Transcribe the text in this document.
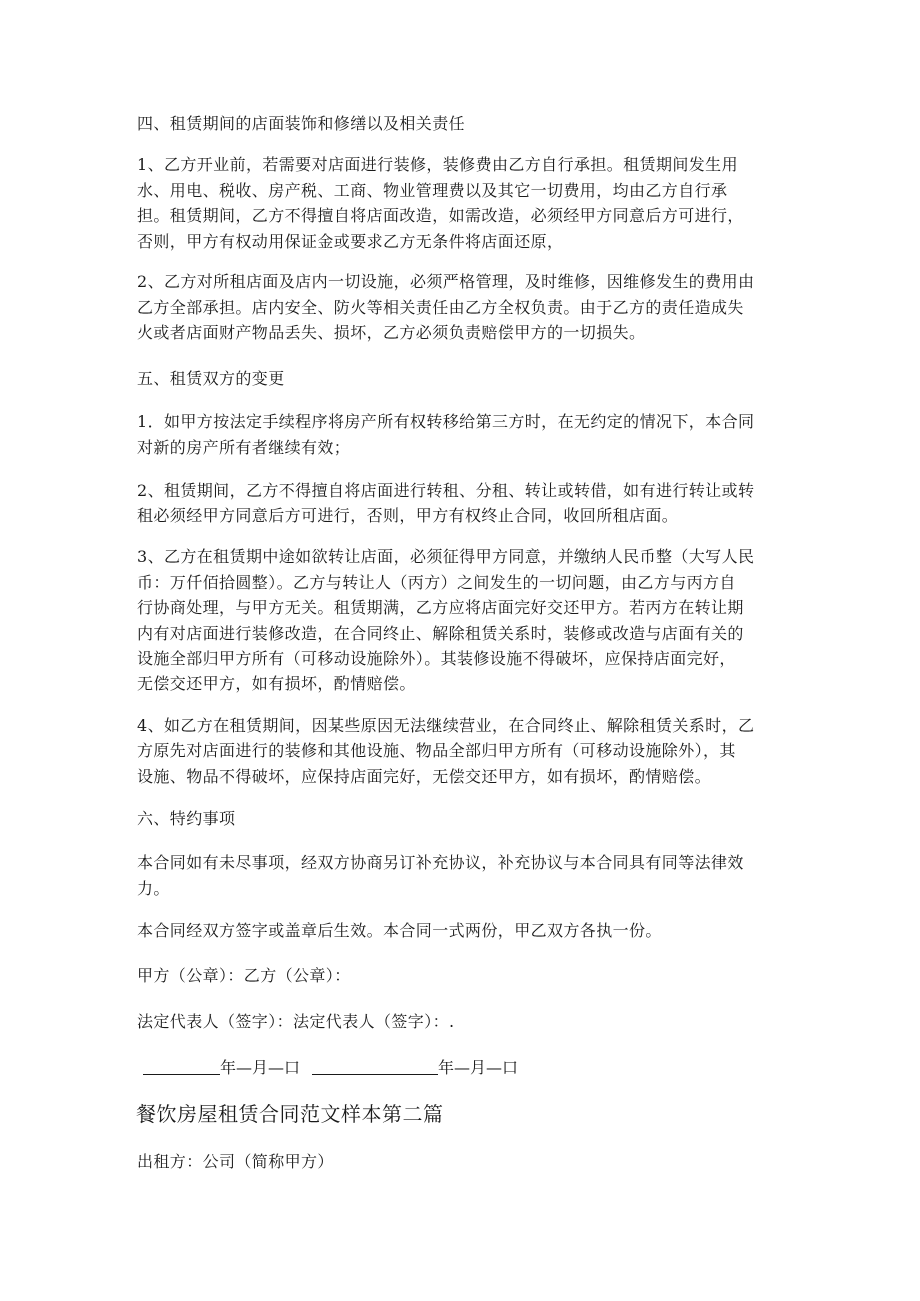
四、租赁期间的店面装饰和修缮以及相关责任
1、乙方开业前，若需要对店面进行装修，装修费由乙方自行承担。租赁期间发生用
水、用电、税收、房产税、工商、物业管理费以及其它一切费用，均由乙方自行承
担。租赁期间，乙方不得擅自将店面改造，如需改造，必须经甲方同意后方可进行，
否则，甲方有权动用保证金或要求乙方无条件将店面还原，
2、乙方对所租店面及店内一切设施，必须严格管理，及时维修，因维修发生的费用由
乙方全部承担。店内安全、防火等相关责任由乙方全权负责。由于乙方的责任造成失
火或者店面财产物品丢失、损坏，乙方必须负责赔偿甲方的一切损失。
五、租赁双方的变更
1．如甲方按法定手续程序将房产所有权转移给第三方时，在无约定的情况下，本合同
对新的房产所有者继续有效；
2、租赁期间，乙方不得擅自将店面进行转租、分租、转让或转借，如有进行转让或转
租必须经甲方同意后方可进行，否则，甲方有权终止合同，收回所租店面。
3、乙方在租赁期中途如欲转让店面，必须征得甲方同意，并缴纳人民币整（大写人民
币：万仟佰拾圆整）。乙方与转让人（丙方）之间发生的一切问题，由乙方与丙方自
行协商处理，与甲方无关。租赁期满，乙方应将店面完好交还甲方。若丙方在转让期
内有对店面进行装修改造，在合同终止、解除租赁关系时，装修或改造与店面有关的
设施全部归甲方所有（可移动设施除外）。其装修设施不得破坏，应保持店面完好，
无偿交还甲方，如有损坏，酌情赔偿。
4、如乙方在租赁期间，因某些原因无法继续营业，在合同终止、解除租赁关系时，乙
方原先对店面进行的装修和其他设施、物品全部归甲方所有（可移动设施除外），其
设施、物品不得破坏，应保持店面完好，无偿交还甲方，如有损坏，酌情赔偿。
六、特约事项
本合同如有未尽事项，经双方协商另订补充协议，补充协议与本合同具有同等法律效
力。
本合同经双方签字或盖章后生效。本合同一式两份，甲乙双方各执一份。
甲方（公章）：乙方（公章）：
法定代表人（签字）：法定代表人（签字）：.
年—月—口	年—月—口
餐饮房屋租赁合同范文样本第二篇
出租方：公司（简称甲方）
